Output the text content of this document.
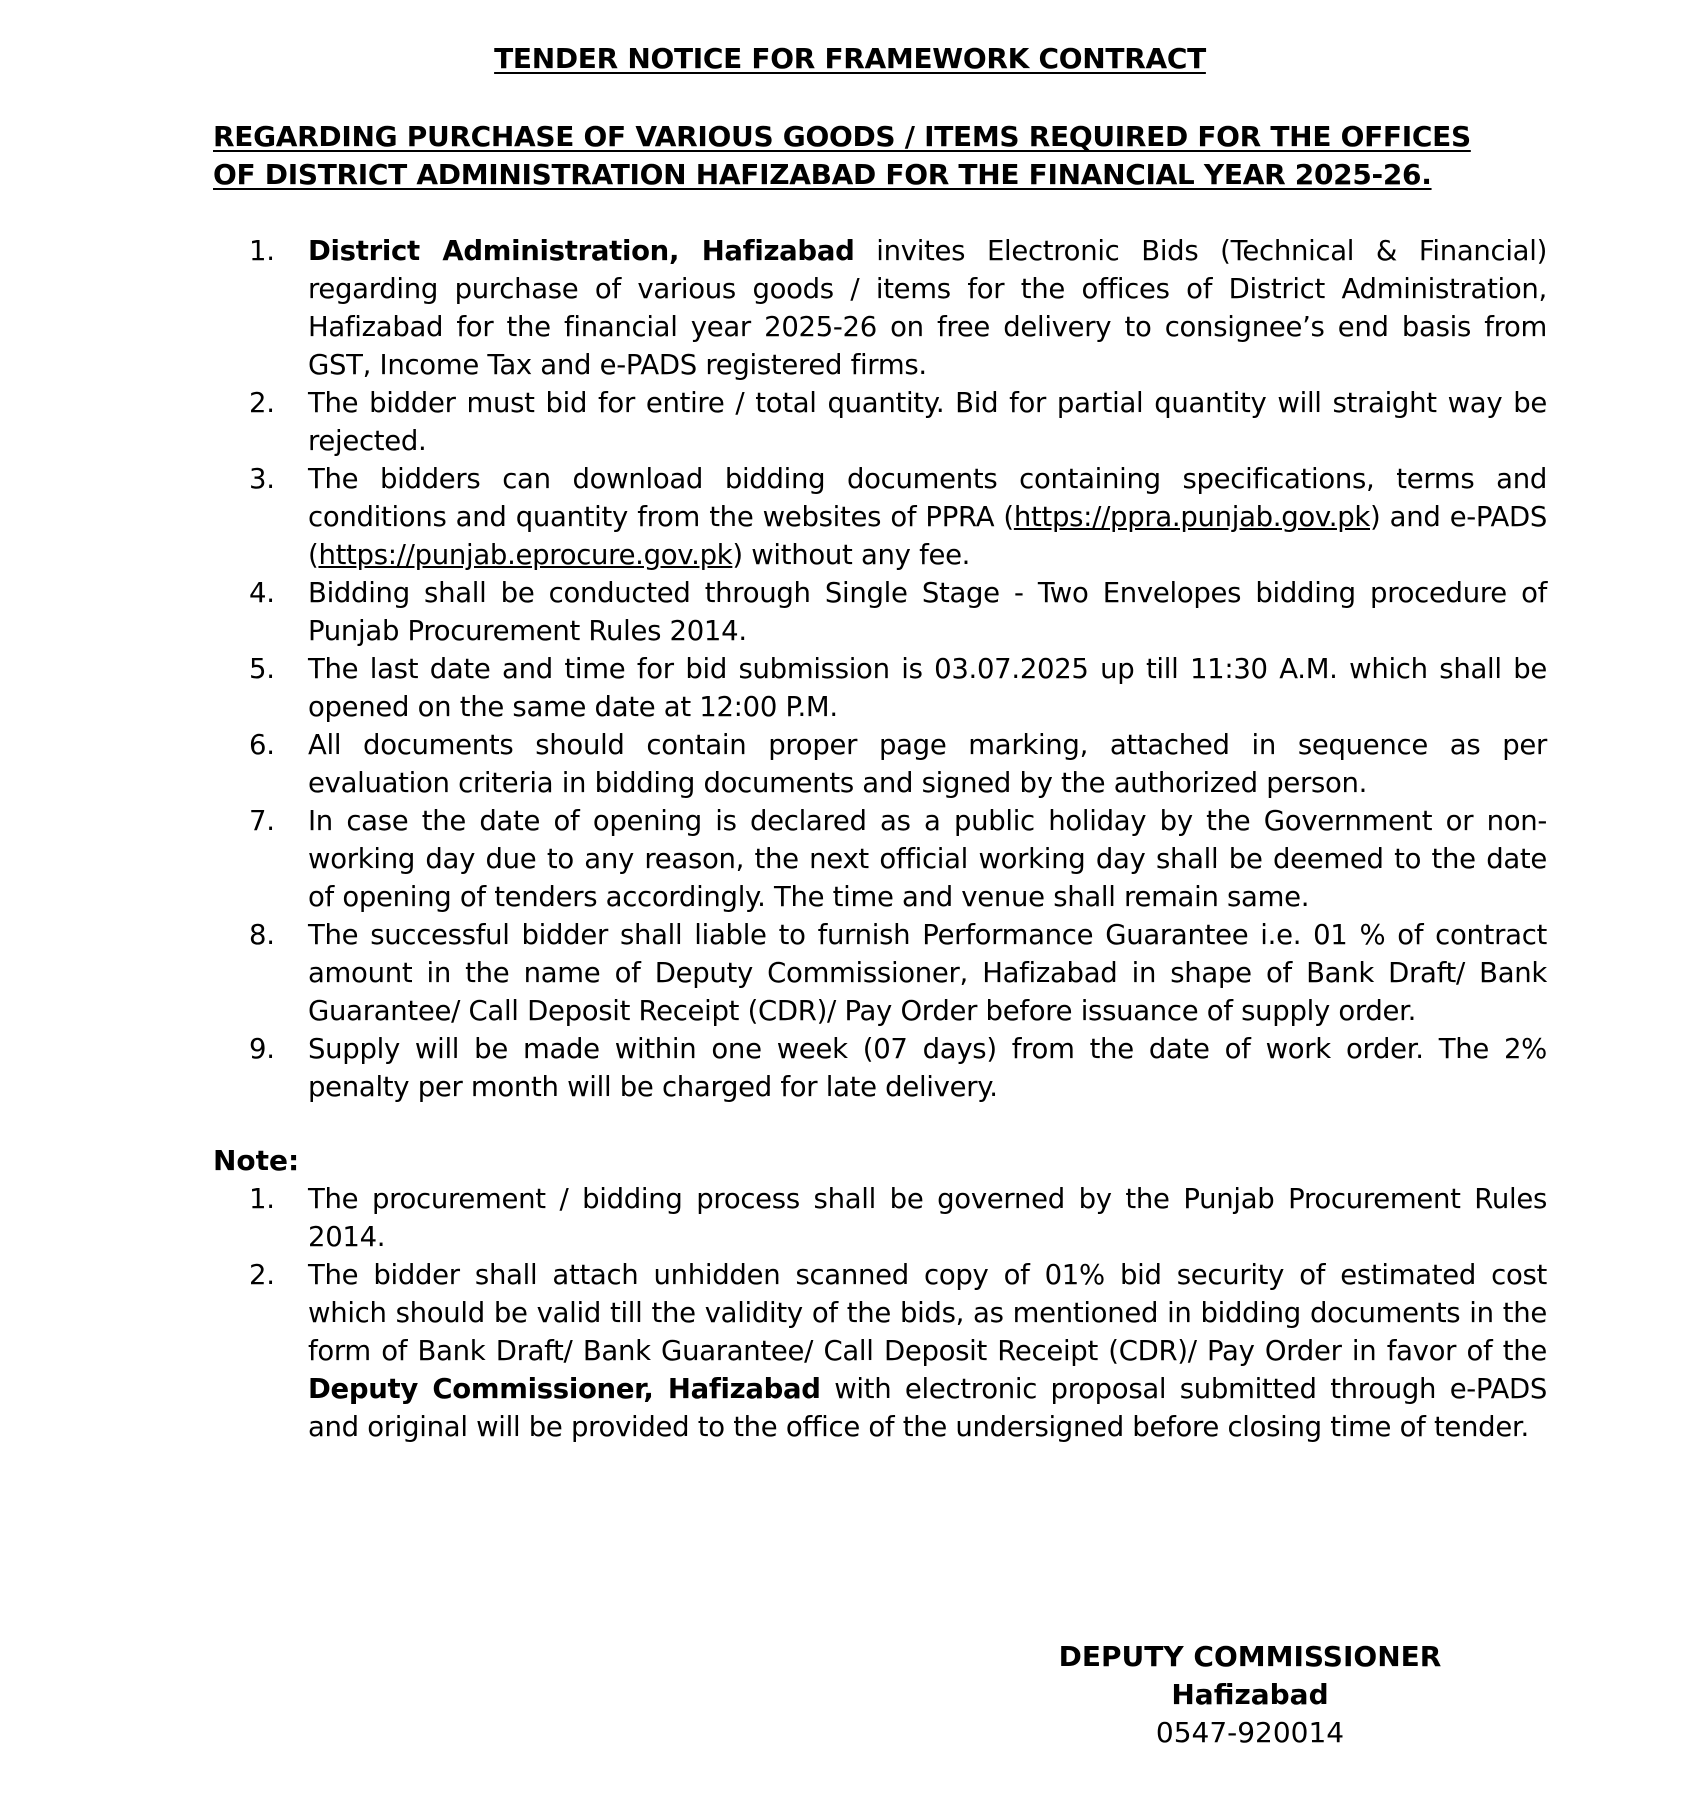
TENDER NOTICE FOR FRAMEWORK CONTRACT
REGARDING PURCHASE OF VARIOUS GOODS / ITEMS REQUIRED FOR THE OFFICES
OF DISTRICT ADMINISTRATION HAFIZABAD FOR THE FINANCIAL YEAR 2025-26.
1.	District Administration, Hafizabad invites Electronic Bids (Technical & Financial) regarding purchase of various goods / items for the offices of District Administration, Hafizabad for the financial year 2025-26 on free delivery to consignee’s end basis from GST, Income Tax and e-PADS registered firms.
2.	The bidder must bid for entire / total quantity. Bid for partial quantity will straight way be rejected.
3.	The bidders can download bidding documents containing specifications, terms and conditions and quantity from the websites of PPRA (https://ppra.punjab.gov.pk) and e-PADS (https://punjab.eprocure.gov.pk) without any fee.
4.	Bidding shall be conducted through Single Stage - Two Envelopes bidding procedure of Punjab Procurement Rules 2014.
5.	The last date and time for bid submission is 03.07.2025 up till 11:30 A.M. which shall be opened on the same date at 12:00 P.M.
6.	All documents should contain proper page marking, attached in sequence as per evaluation criteria in bidding documents and signed by the authorized person.
7.	In case the date of opening is declared as a public holiday by the Government or non-working day due to any reason, the next official working day shall be deemed to the date of opening of tenders accordingly. The time and venue shall remain same.
8.	The successful bidder shall liable to furnish Performance Guarantee i.e. 01 % of contract amount in the name of Deputy Commissioner, Hafizabad in shape of Bank Draft/ Bank Guarantee/ Call Deposit Receipt (CDR)/ Pay Order before issuance of supply order.
9.	Supply will be made within one week (07 days) from the date of work order. The 2% penalty per month will be charged for late delivery.
Note:
1.	The procurement / bidding process shall be governed by the Punjab Procurement Rules 2014.
2.	The bidder shall attach unhidden scanned copy of 01% bid security of estimated cost which should be valid till the validity of the bids, as mentioned in bidding documents in the form of Bank Draft/ Bank Guarantee/ Call Deposit Receipt (CDR)/ Pay Order in favor of the Deputy Commissioner, Hafizabad with electronic proposal submitted through e-PADS and original will be provided to the office of the undersigned before closing time of tender.
DEPUTY COMMISSIONER
Hafizabad
0547-920014
